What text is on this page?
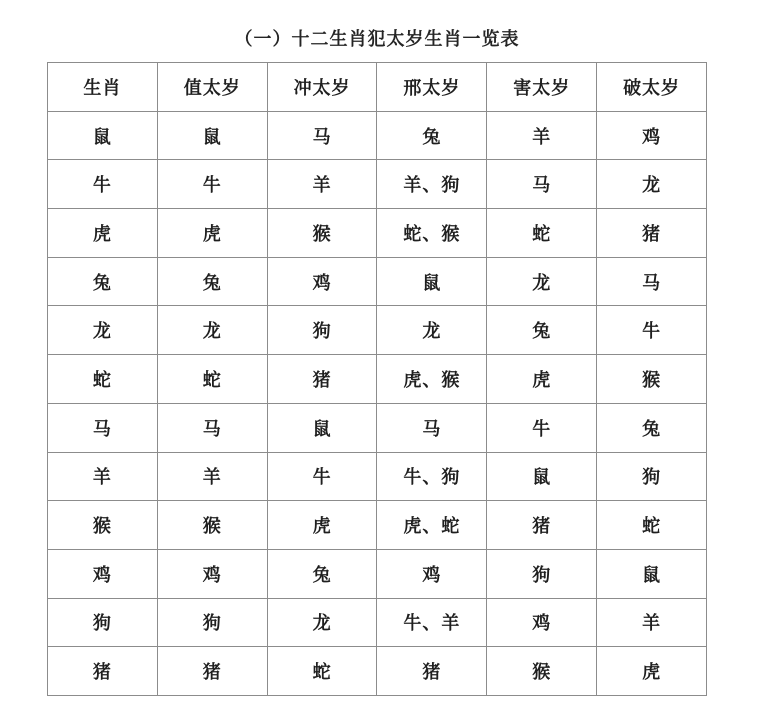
（一）十二生肖犯太岁生肖一览表
生肖	值太岁	冲太岁	邢太岁	害太岁	破太岁
鼠	鼠	马	兔	羊	鸡
牛	牛	羊	羊、狗	马	龙
虎	虎	猴	蛇、猴	蛇	猪
兔	兔	鸡	鼠	龙	马
龙	龙	狗	龙	兔	牛
蛇	蛇	猪	虎、猴	虎	猴
马	马	鼠	马	牛	兔
羊	羊	牛	牛、狗	鼠	狗
猴	猴	虎	虎、蛇	猪	蛇
鸡	鸡	兔	鸡	狗	鼠
狗	狗	龙	牛、羊	鸡	羊
猪	猪	蛇	猪	猴	虎
